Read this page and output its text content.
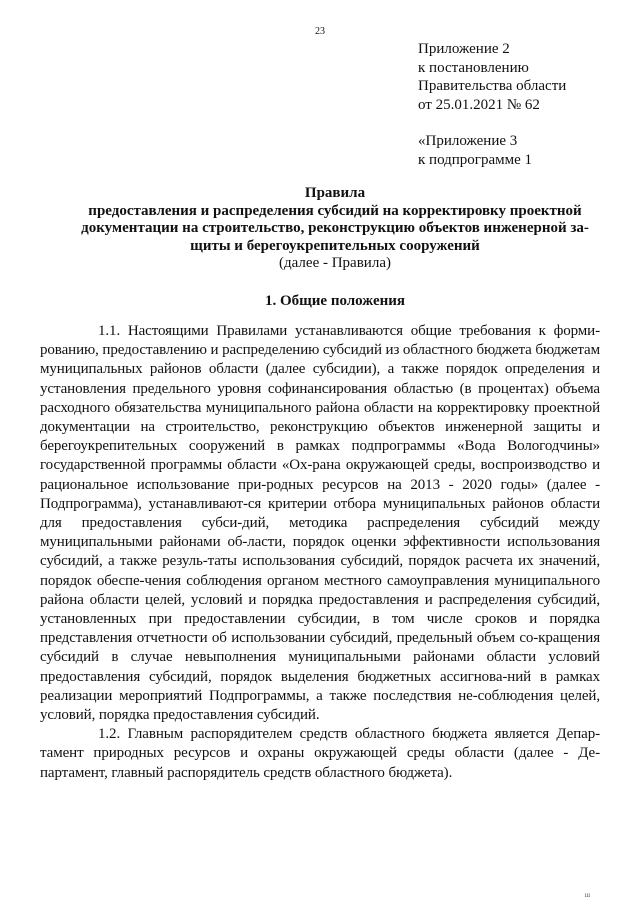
23
Приложение 2
к постановлению
Правительства области
от 25.01.2021 № 62
«Приложение 3
к подпрограмме 1
Правила
предоставления и распределения субсидий на корректировку проектной
документации на строительство, реконструкцию объектов инженерной за-
щиты и берегоукрепительных сооружений
(далее - Правила)
1. Общие положения

1.1. Настоящими Правилами устанавливаются общие требования к форми-рованию, предоставлению и распределению субсидий из областного бюджета бюджетам муниципальных районов области (далее субсидии), а также порядок определения и установления предельного уровня софинансирования областью (в процентах) объема расходного обязательства муниципального района области на корректировку проектной документации на строительство, реконструкцию объектов инженерной защиты и берегоукрепительных сооружений в рамках подпрограммы «Вода Вологодчины» государственной программы области «Ох-рана окружающей среды, воспроизводство и рациональное использование при-родных ресурсов на 2013 - 2020 годы» (далее - Подпрограмма), устанавливают-ся критерии отбора муниципальных районов области для предоставления субси-дий, методика распределения субсидий между муниципальными районами об-ласти, порядок оценки эффективности использования субсидий, а также резуль-таты использования субсидий, порядок расчета их значений, порядок обеспе-чения соблюдения органом местного самоуправления муниципального района области целей, условий и порядка предоставления и распределения субсидий, установленных при предоставлении субсидии, в том числе сроков и порядка представления отчетности об использовании субсидий, предельный объем со-кращения субсидий в случае невыполнения муниципальными районами области условий предоставления субсидий, порядок выделения бюджетных ассигнова-ний в рамках реализации мероприятий Подпрограммы, а также последствия не-соблюдения целей, условий, порядка предоставления субсидий.

1.2. Главным распорядителем средств областного бюджета является Депар-тамент природных ресурсов и охраны окружающей среды области (далее - Де-партамент, главный распорядитель средств областного бюджета).

ш
